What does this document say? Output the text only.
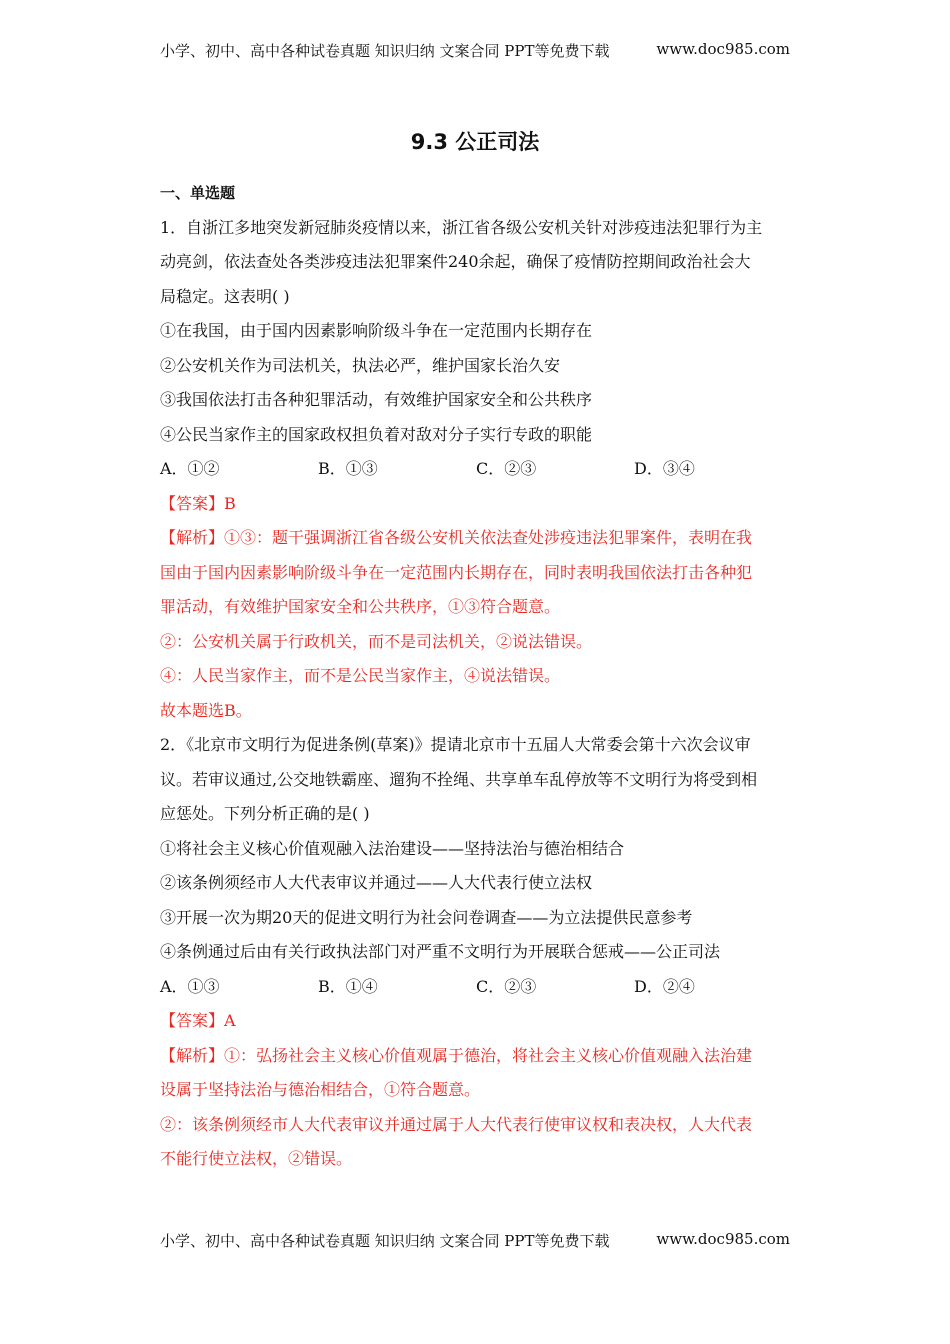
小学、初中、高中各种试卷真题 知识归纳 文案合同 PPT等免费下载	www.doc985.com
9.3 公正司法
一、单选题
1．自浙江多地突发新冠肺炎疫情以来，浙江省各级公安机关针对涉疫违法犯罪行为主
动亮剑，依法查处各类涉疫违法犯罪案件240余起，确保了疫情防控期间政治社会大
局稳定。这表明( )
①在我国，由于国内因素影响阶级斗争在一定范围内长期存在
②公安机关作为司法机关，执法必严，维护国家长治久安
③我国依法打击各种犯罪活动，有效维护国家安全和公共秩序
④公民当家作主的国家政权担负着对敌对分子实行专政的职能
A．①②	B．①③	C．②③	D．③④
【答案】B
【解析】①③：题干强调浙江省各级公安机关依法查处涉疫违法犯罪案件，表明在我
国由于国内因素影响阶级斗争在一定范围内长期存在，同时表明我国依法打击各种犯
罪活动，有效维护国家安全和公共秩序，①③符合题意。
②：公安机关属于行政机关，而不是司法机关，②说法错误。
④：人民当家作主，而不是公民当家作主，④说法错误。
故本题选B。
2．《北京市文明行为促进条例(草案)》提请北京市十五届人大常委会第十六次会议审
议。若审议通过,公交地铁霸座、遛狗不拴绳、共享单车乱停放等不文明行为将受到相
应惩处。下列分析正确的是( )
①将社会主义核心价值观融入法治建设——坚持法治与德治相结合
②该条例须经市人大代表审议并通过——人大代表行使立法权
③开展一次为期20天的促进文明行为社会问卷调查——为立法提供民意参考
④条例通过后由有关行政执法部门对严重不文明行为开展联合惩戒——公正司法
A．①③	B．①④	C．②③	D．②④
【答案】A
【解析】①：弘扬社会主义核心价值观属于德治，将社会主义核心价值观融入法治建
设属于坚持法治与德治相结合，①符合题意。
②：该条例须经市人大代表审议并通过属于人大代表行使审议权和表决权，人大代表
不能行使立法权，②错误。
小学、初中、高中各种试卷真题 知识归纳 文案合同 PPT等免费下载	www.doc985.com
